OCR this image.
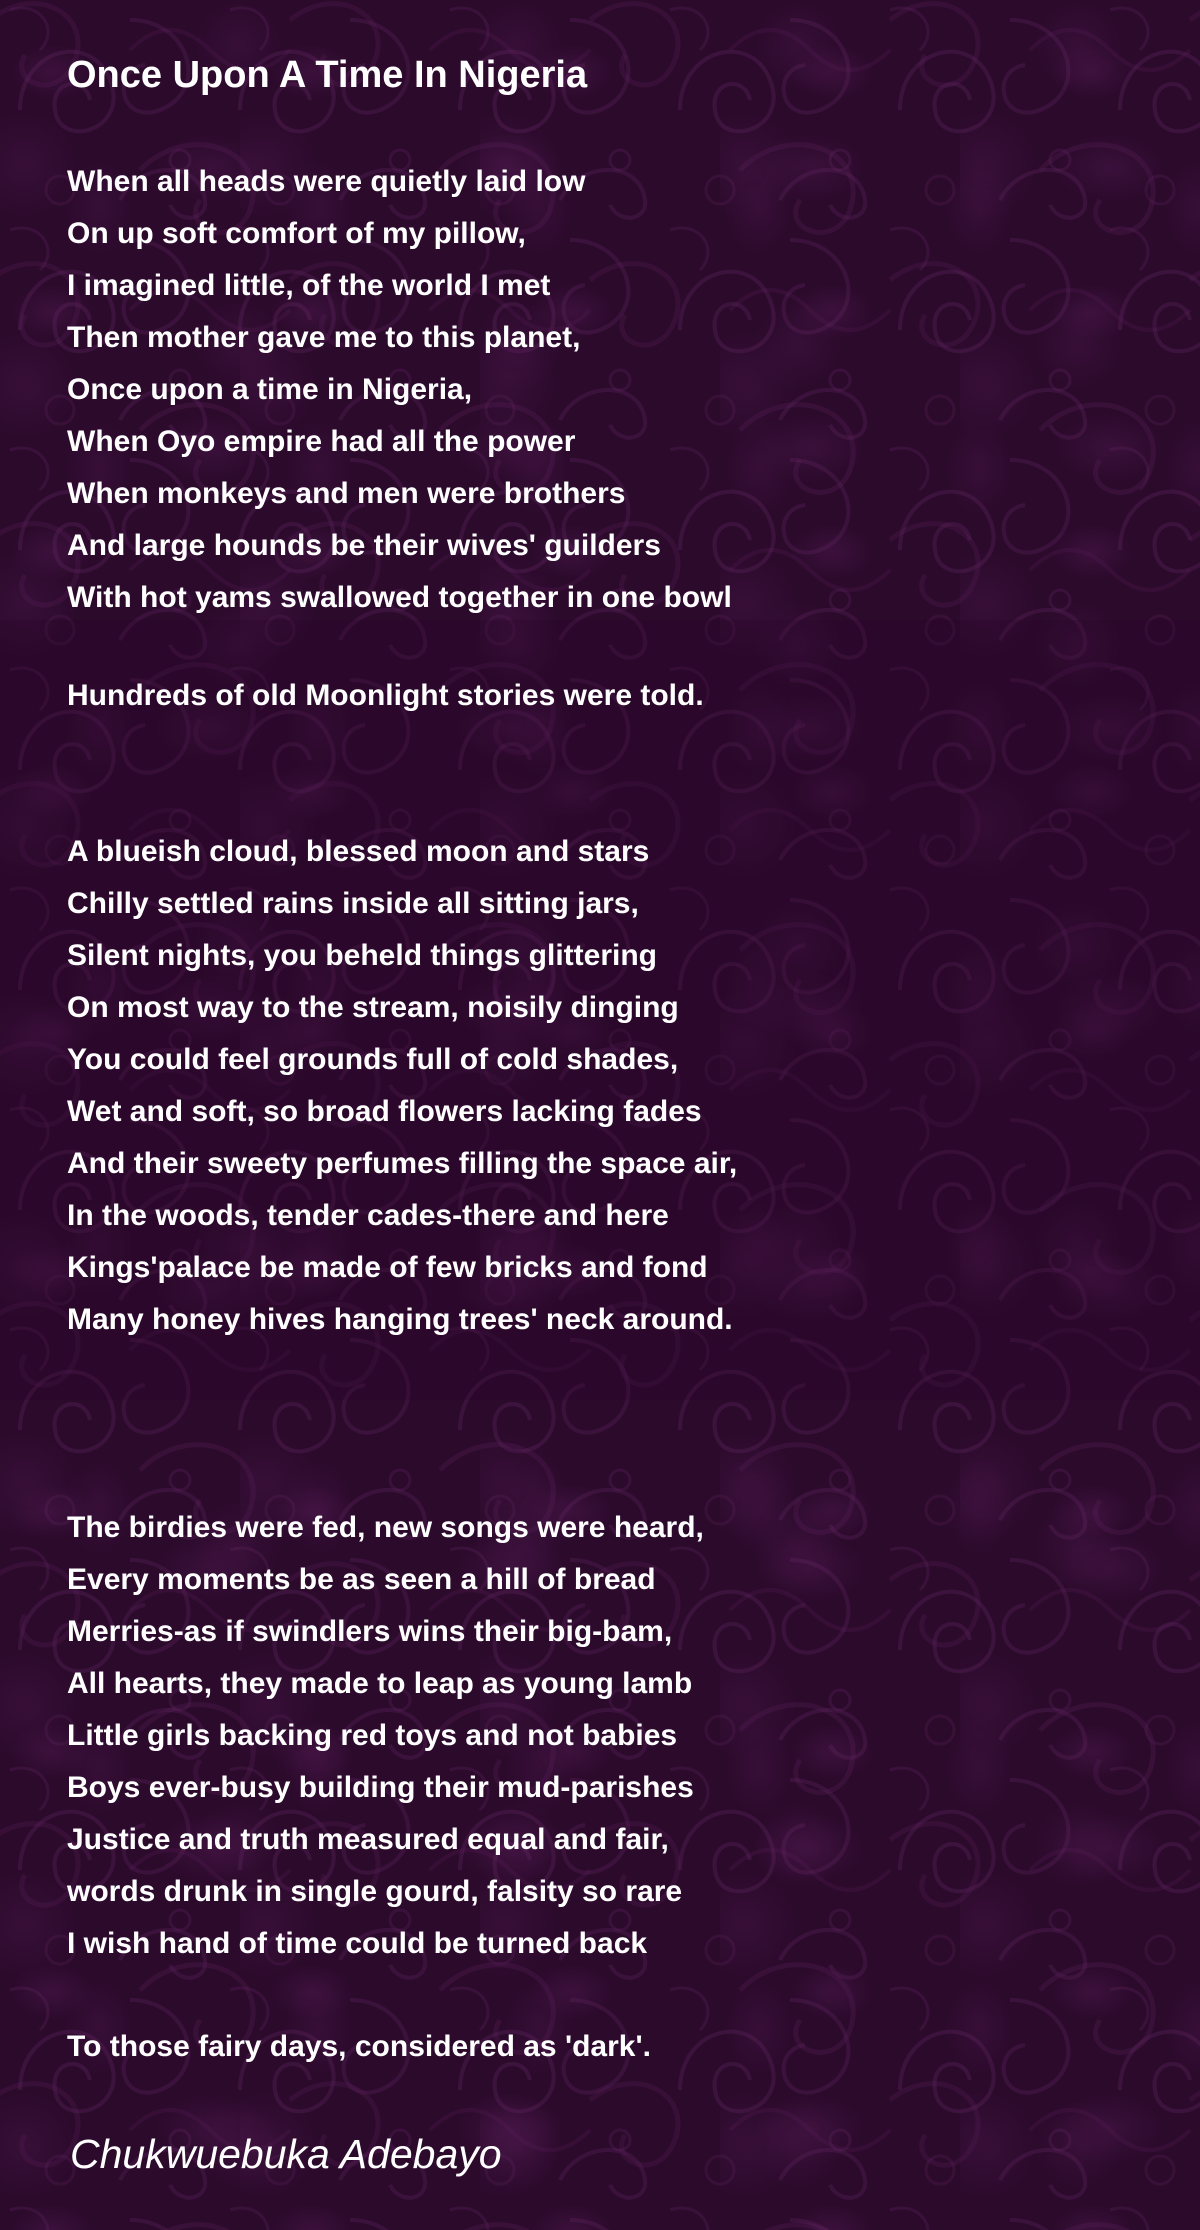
Once Upon A Time In Nigeria
When all heads were quietly laid low
On up soft comfort of my pillow,
I imagined little, of the world I met
Then mother gave me to this planet,
Once upon a time in Nigeria,
When Oyo empire had all the power
When monkeys and men were brothers
And large hounds be their wives' guilders
With hot yams swallowed together in one bowl
Hundreds of old Moonlight stories were told.
A blueish cloud, blessed moon and stars
Chilly settled rains inside all sitting jars,
Silent nights, you beheld things glittering
On most way to the stream, noisily dinging
You could feel grounds full of cold shades,
Wet and soft, so broad flowers lacking fades
And their sweety perfumes filling the space air,
In the woods, tender cades-there and here
Kings'palace be made of few bricks and fond
Many honey hives hanging trees' neck around.
The birdies were fed, new songs were heard,
Every moments be as seen a hill of bread
Merries-as if swindlers wins their big-bam,
All hearts, they made to leap as young lamb
Little girls backing red toys and not babies
Boys ever-busy building their mud-parishes
Justice and truth measured equal and fair,
words drunk in single gourd, falsity so rare
I wish hand of time could be turned back
To those fairy days, considered as 'dark'.

Chukwuebuka Adebayo
